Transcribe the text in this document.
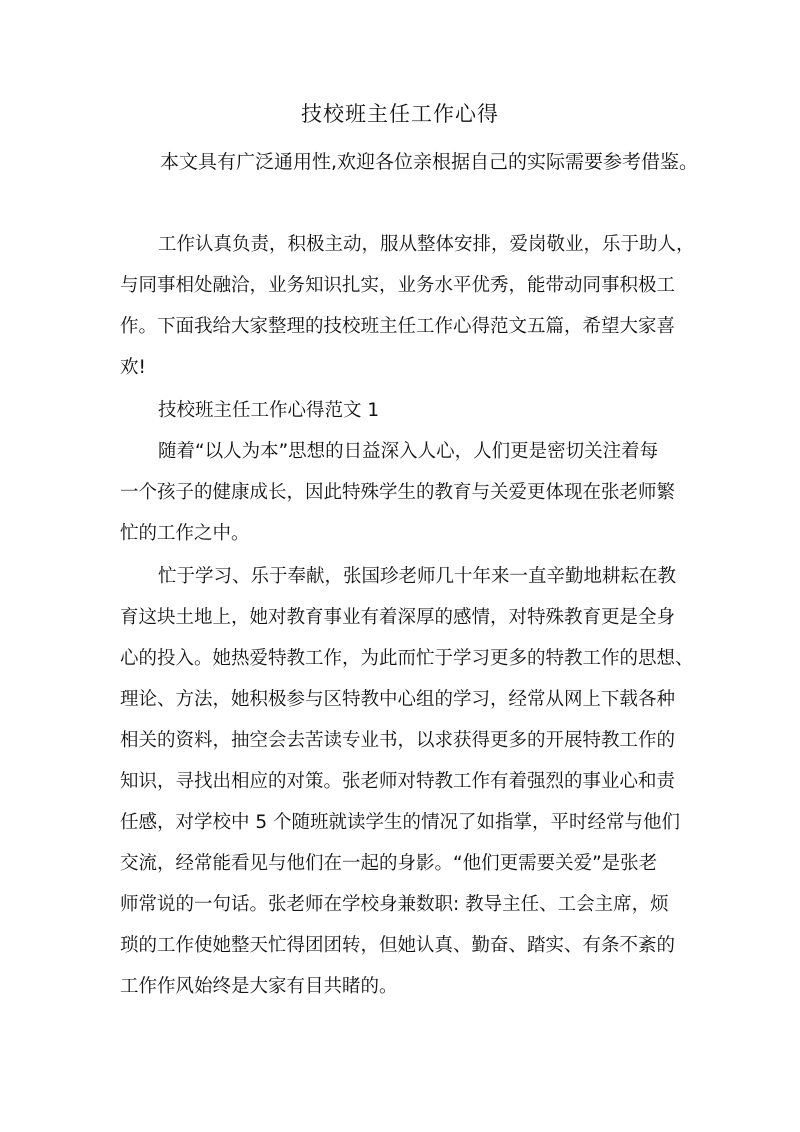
技校班主任工作心得
本文具有广泛通用性,欢迎各位亲根据自己的实际需要参考借鉴。
工作认真负责，积极主动，服从整体安排，爱岗敬业，乐于助人，
与同事相处融洽，业务知识扎实，业务水平优秀，能带动同事积极工
作。下面我给大家整理的技校班主任工作心得范文五篇，希望大家喜
欢!
技校班主任工作心得范文 1
随着“以人为本”思想的日益深入人心，人们更是密切关注着每
一个孩子的健康成长，因此特殊学生的教育与关爱更体现在张老师繁
忙的工作之中。
忙于学习、乐于奉献，张国珍老师几十年来一直辛勤地耕耘在教
育这块土地上，她对教育事业有着深厚的感情，对特殊教育更是全身
心的投入。她热爱特教工作，为此而忙于学习更多的特教工作的思想、
理论、方法，她积极参与区特教中心组的学习，经常从网上下载各种
相关的资料，抽空会去苦读专业书，以求获得更多的开展特教工作的
知识，寻找出相应的对策。张老师对特教工作有着强烈的事业心和责
任感，对学校中 5 个随班就读学生的情况了如指掌，平时经常与他们
交流，经常能看见与他们在一起的身影。“他们更需要关爱”是张老
师常说的一句话。张老师在学校身兼数职: 教导主任、工会主席，烦
琐的工作使她整天忙得团团转，但她认真、勤奋、踏实、有条不紊的
工作作风始终是大家有目共睹的。
